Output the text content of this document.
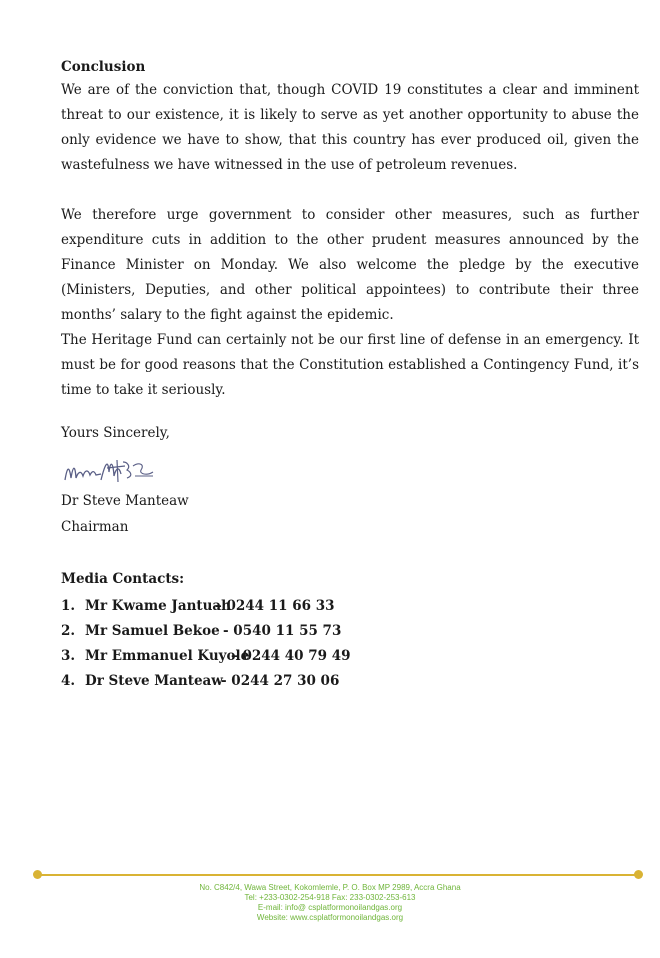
Conclusion

We are of the conviction that, though COVID 19 constitutes a clear and imminent threat to our existence, it is likely to serve as yet another opportunity to abuse the only evidence we have to show, that this country has ever produced oil, given the wastefulness we have witnessed in the use of petroleum revenues.

We therefore urge government to consider other measures, such as further expenditure cuts in addition to the other prudent measures announced by the Finance Minister on Monday. We also welcome the pledge by the executive (Ministers, Deputies, and other political appointees) to contribute their three months’ salary to the fight against the epidemic.

The Heritage Fund can certainly not be our first line of defense in an emergency. It must be for good reasons that the Constitution established a Contingency Fund, it’s time to take it seriously.

Yours Sincerely,

Dr Steve Manteaw

Chairman

Media Contacts:
1. Mr Kwame Jantuah
– 0244 11 66 33
2. Mr Samuel Bekoe - 0540 11 55 73
3. Mr Emmanuel Kuyole
– 0244 40 79 49
4. Dr Steve Manteaw
- 0244 27 30 06
No. C842/4, Wawa Street, Kokomlemle, P. O. Box MP 2989, Accra Ghana
Tel: +233-0302-254-918 Fax: 233-0302-253-613
E-mail: info@ csplatformonoilandgas.org
Website: www.csplatformonoilandgas.org
